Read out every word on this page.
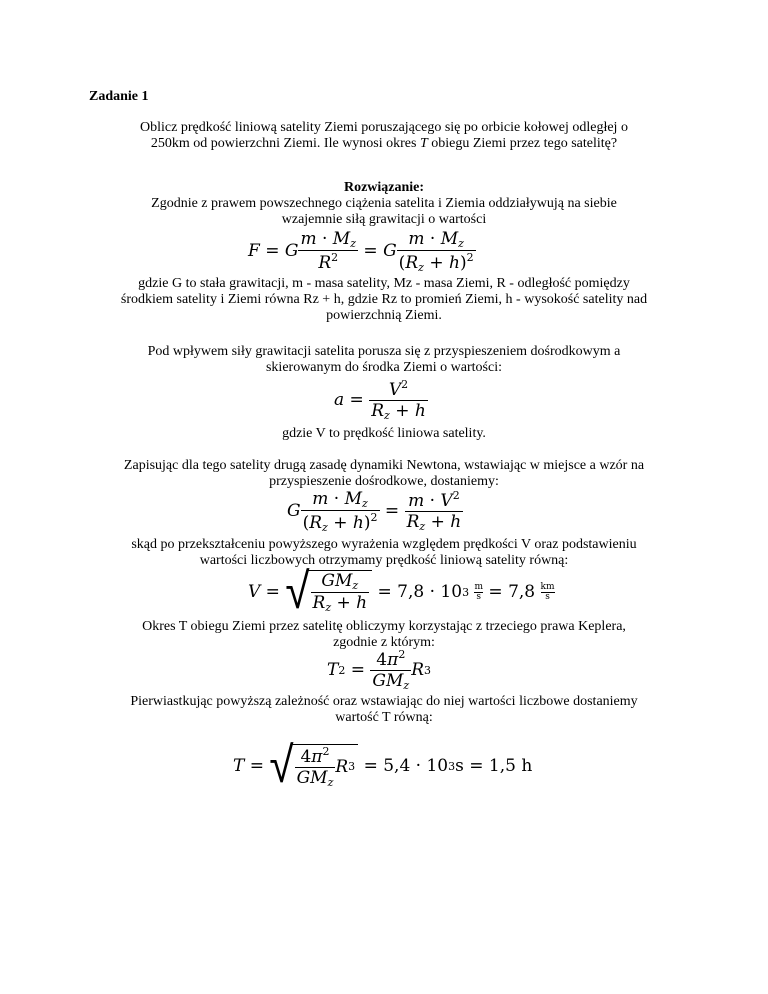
Zadanie 1
Oblicz prędkość liniową satelity Ziemi poruszającego się po orbicie kołowej odległej o
250km od powierzchni Ziemi. Ile wynosi okres T obiegu Ziemi przez tego satelitę?
Rozwiązanie:
Zgodnie z prawem powszechnego ciążenia satelita i Ziemia oddziaływują na siebie
wzajemnie siłą grawitacji o wartości
F = G $\frac{m \cdot M_z}{R^2} = G \frac{m \cdot M_z}{(R_z + h)^2}$
gdzie G to stała grawitacji, m - masa satelity, Mz - masa Ziemi, R - odległość pomiędzy
środkiem satelity i Ziemi równa Rz + h, gdzie Rz to promień Ziemi, h - wysokość satelity nad
powierzchnią Ziemi.
Pod wpływem siły grawitacji satelita porusza się z przyspieszeniem dośrodkowym a
skierowanym do środka Ziemi o wartości:
$a = \frac{V^2}{R_z + h}$
gdzie V to prędkość liniowa satelity.
Zapisując dla tego satelity drugą zasadę dynamiki Newtona, wstawiając w miejsce a wzór na
przyspieszenie dośrodkowe, dostaniemy:
G $\frac{m \cdot M_z}{(R_z + h)^2} = \frac{m \cdot V^2}{R_z + h}$
skąd po przekształceniu powyższego wyrażenia względem prędkości V oraz podstawieniu
wartości liczbowych otrzymamy prędkość liniową satelity równą:
V = √ $\frac{GM_z}{R_z + h}$
= 7,8 · 10 3
$\frac{m}{s}$
= 7,8
km
s
Okres T obiegu Ziemi przez satelitę obliczymy korzystając z trzeciego prawa Keplera,
zgodnie z którym:
T $2 = \frac{4\pi^2}{GM_z}$ R 3
Pierwiastkując powyższą zależność oraz wstawiając do niej wartości liczbowe dostaniemy
wartość T równą:
T = √ $\frac{4\pi^2}{GM_z}$ R 3
= 5,4 · 10 3 s = 1,5 h
